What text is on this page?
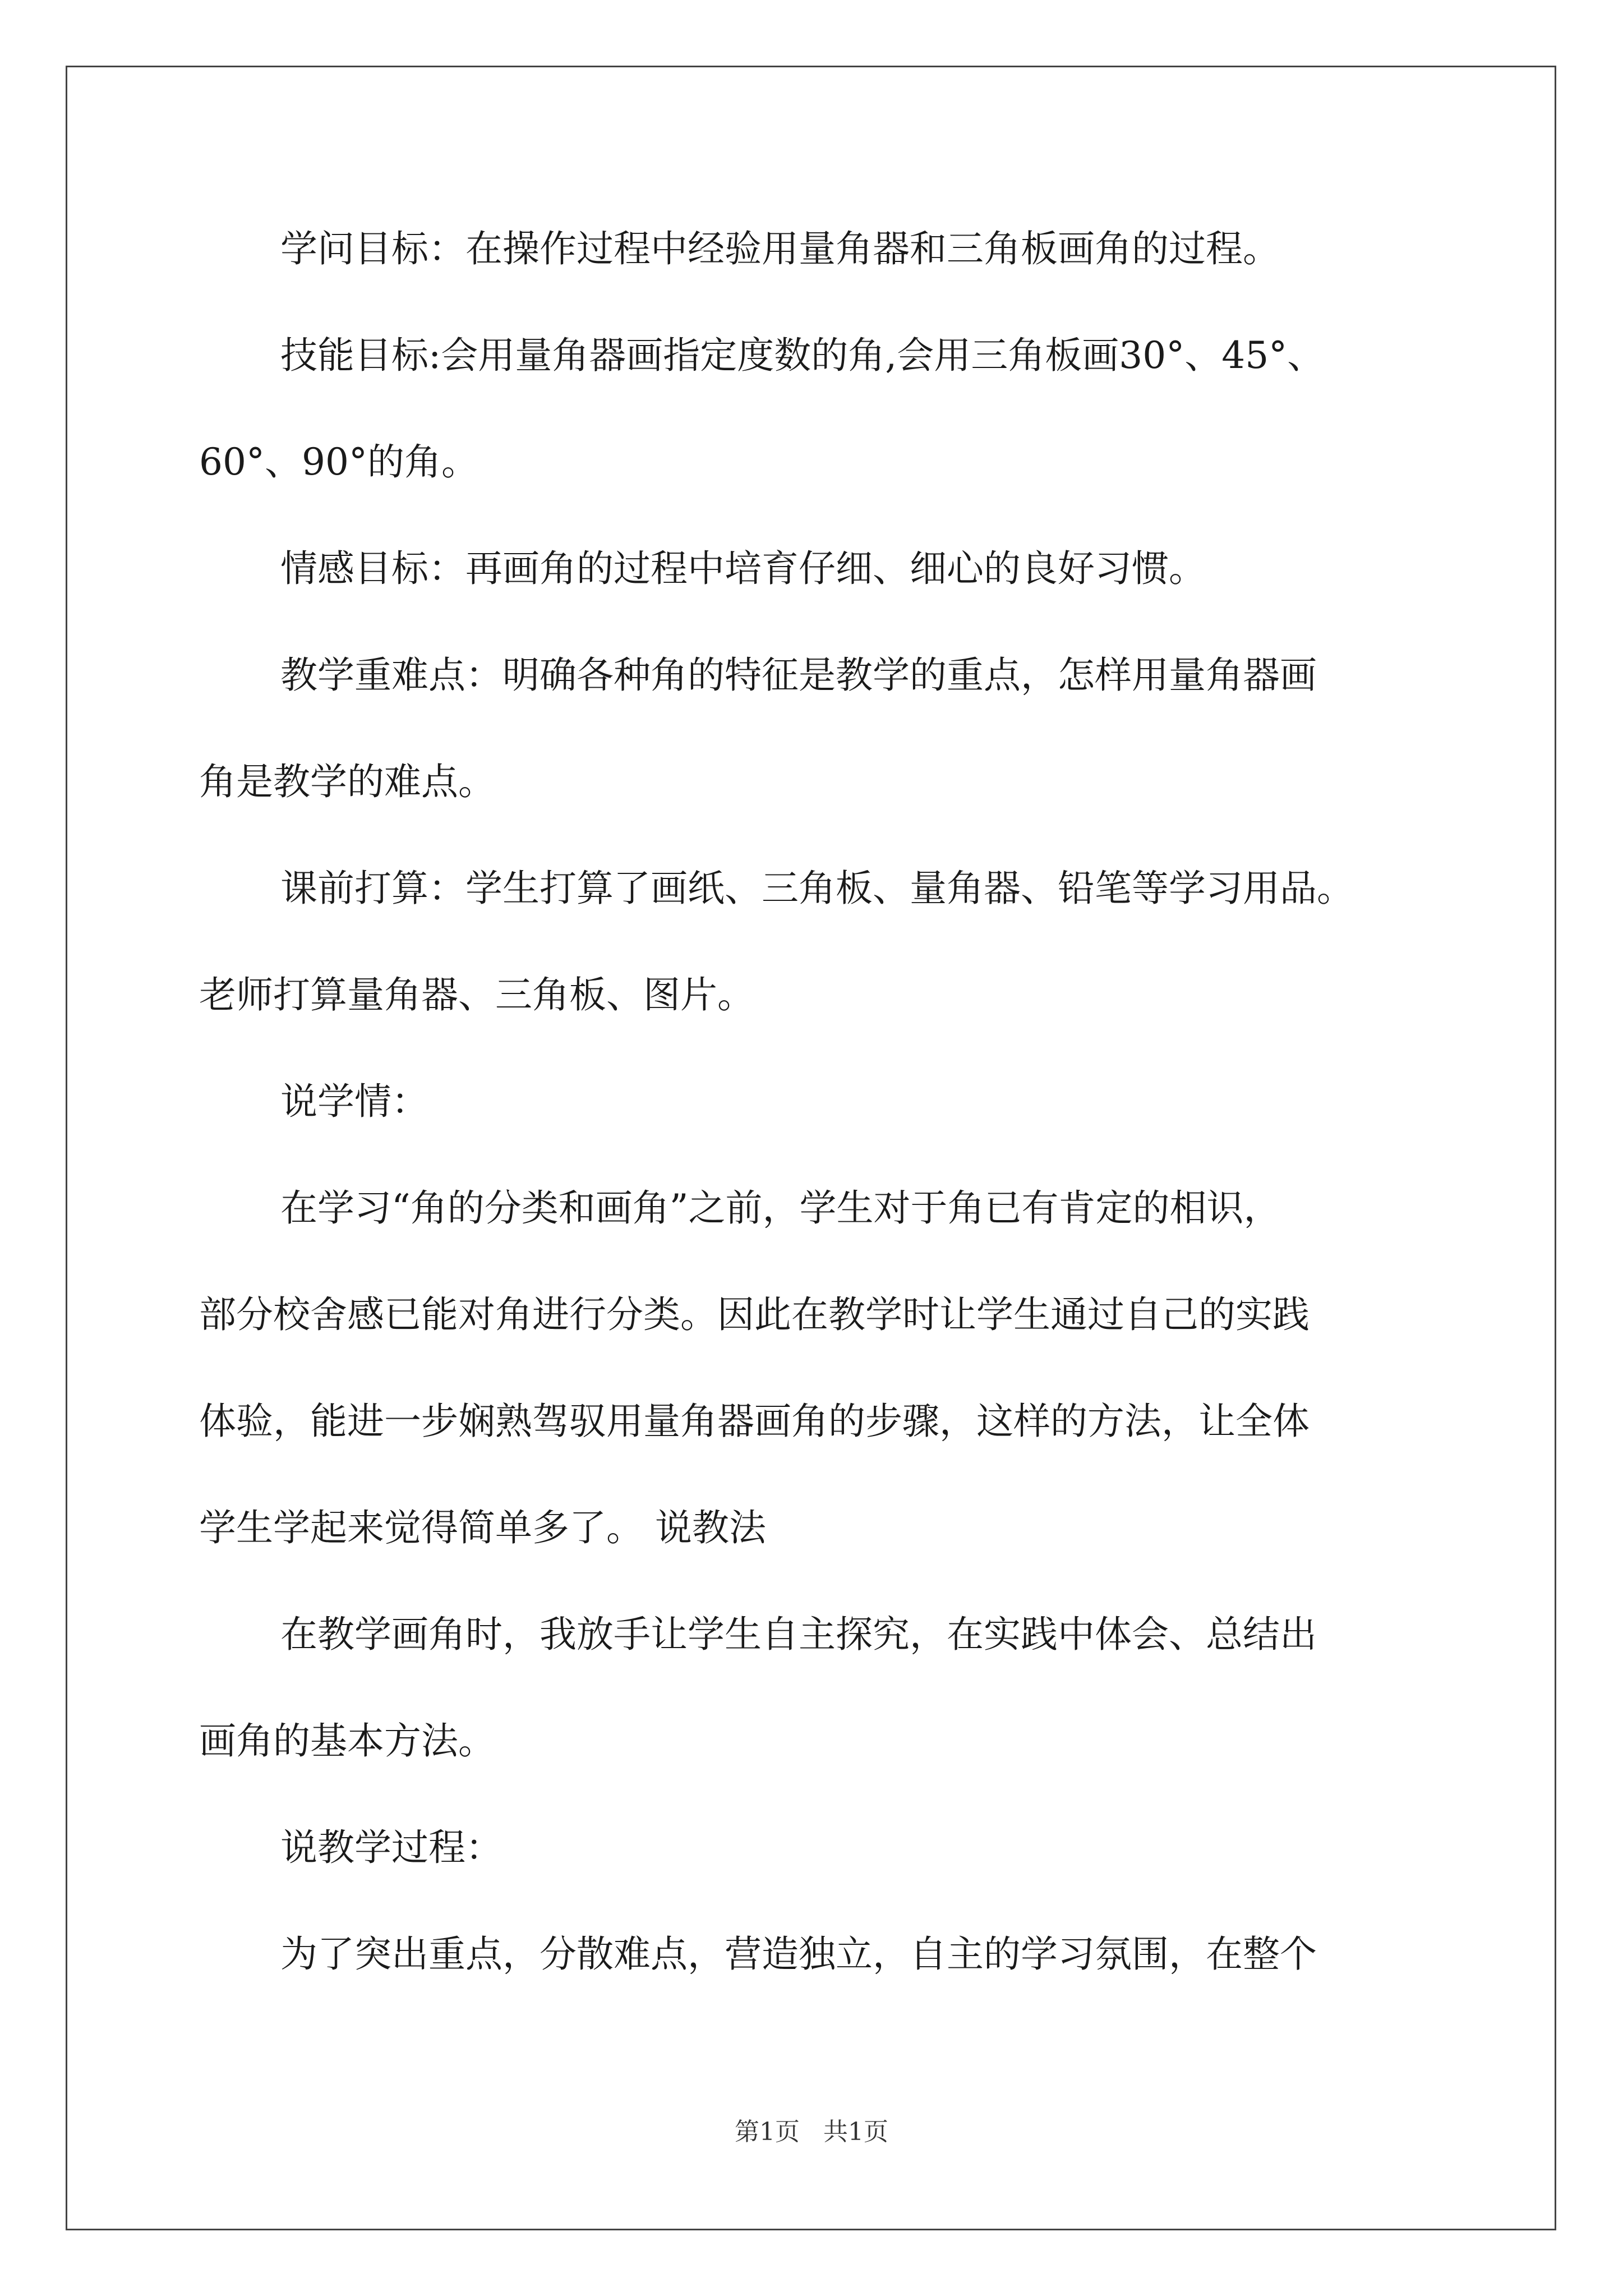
学问目标：在操作过程中经验用量角器和三角板画角的过程。
技能目标:会用量角器画指定度数的角,会用三角板画30°、45°、
60°、90°的角。
情感目标：再画角的过程中培育仔细、细心的良好习惯。
教学重难点：明确各种角的特征是教学的重点，怎样用量角器画
角是教学的难点。
课前打算：学生打算了画纸、三角板、量角器、铅笔等学习用品。
老师打算量角器、三角板、图片。
说学情：
在学习“角的分类和画角”之前，学生对于角已有肯定的相识，
部分校舍感已能对角进行分类。因此在教学时让学生通过自己的实践
体验，能进一步娴熟驾驭用量角器画角的步骤，这样的方法，让全体
学生学起来觉得简单多了。 说教法
在教学画角时，我放手让学生自主探究，在实践中体会、总结出
画角的基本方法。
说教学过程：
为了突出重点，分散难点，营造独立，自主的学习氛围，在整个
第1页   共1页
